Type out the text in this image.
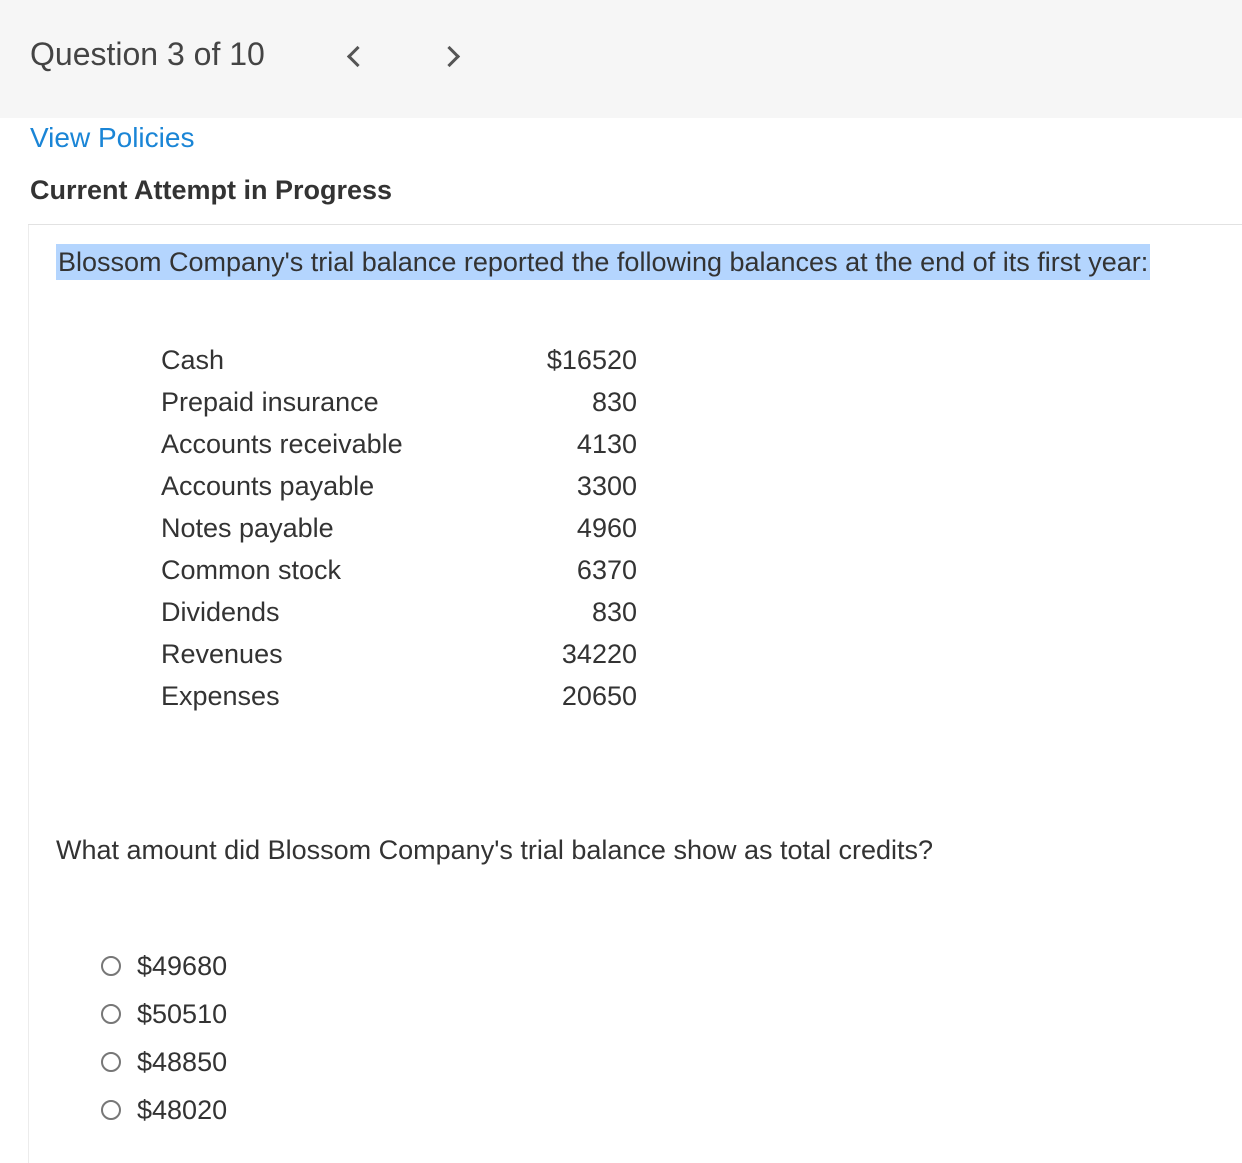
Question 3 of 10
View Policies
Current Attempt in Progress
Blossom Company's trial balance reported the following balances at the end of its first year:
Cash	$16520
Prepaid insurance	830
Accounts receivable	4130
Accounts payable	3300
Notes payable	4960
Common stock	6370
Dividends	830
Revenues	34220
Expenses	20650
What amount did Blossom Company's trial balance show as total credits?
$49680
$50510
$48850
$48020
